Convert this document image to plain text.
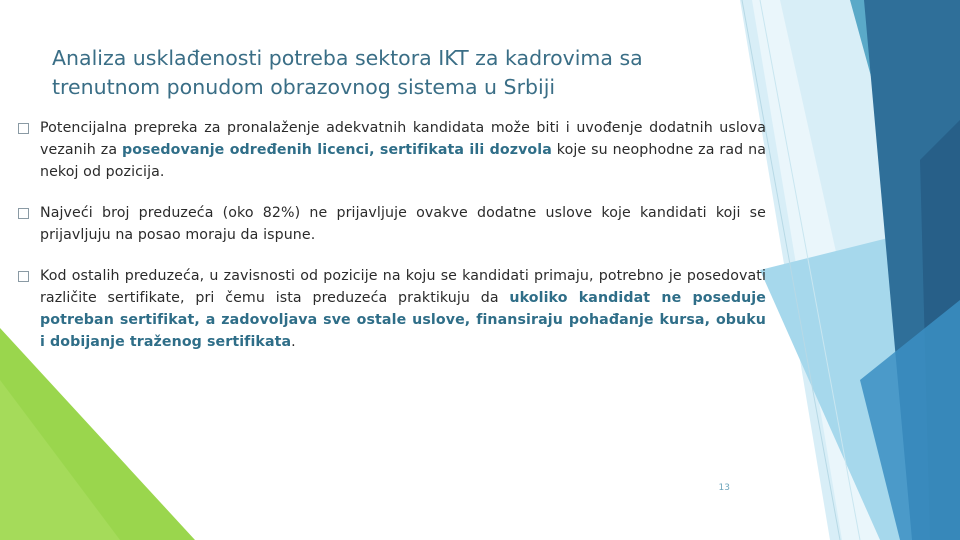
Analiza usklađenosti potreba sektora IKT za kadrovima sa trenutnom ponudom obrazovnog sistema u Srbiji
Potencijalna prepreka za pronalaženje adekvatnih kandidata može biti i uvođenje dodatnih uslova vezanih za posedovanje određenih licenci, sertifikata ili dozvola koje su neophodne za rad na nekoj od pozicija.
Najveći broj preduzeća (oko 82%) ne prijavljuje ovakve dodatne uslove koje kandidati koji se prijavljuju na posao moraju da ispune.
Kod ostalih preduzeća, u zavisnosti od pozicije na koju se kandidati primaju, potrebno je posedovati različite sertifikate, pri čemu ista preduzeća praktikuju da ukoliko kandidat ne poseduje potreban sertifikat, a zadovoljava sve ostale uslove, finansiraju pohađanje kursa, obuku i dobijanje traženog sertifikata.
13
